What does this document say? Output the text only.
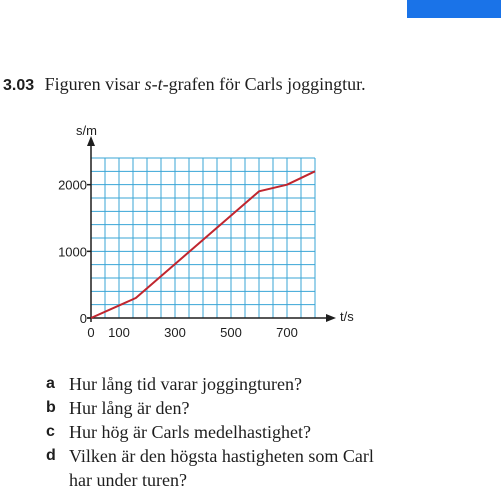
3.03 Figuren visar s-t-grafen för Carls joggingtur.
s/m
t/s
0 100	300	500	700
0
1000
2000
a Hur lång tid varar joggingturen?
b Hur lång är den?
c Hur hög är Carls medelhastighet?
d Vilken är den högsta hastigheten som Carl
har under turen?
